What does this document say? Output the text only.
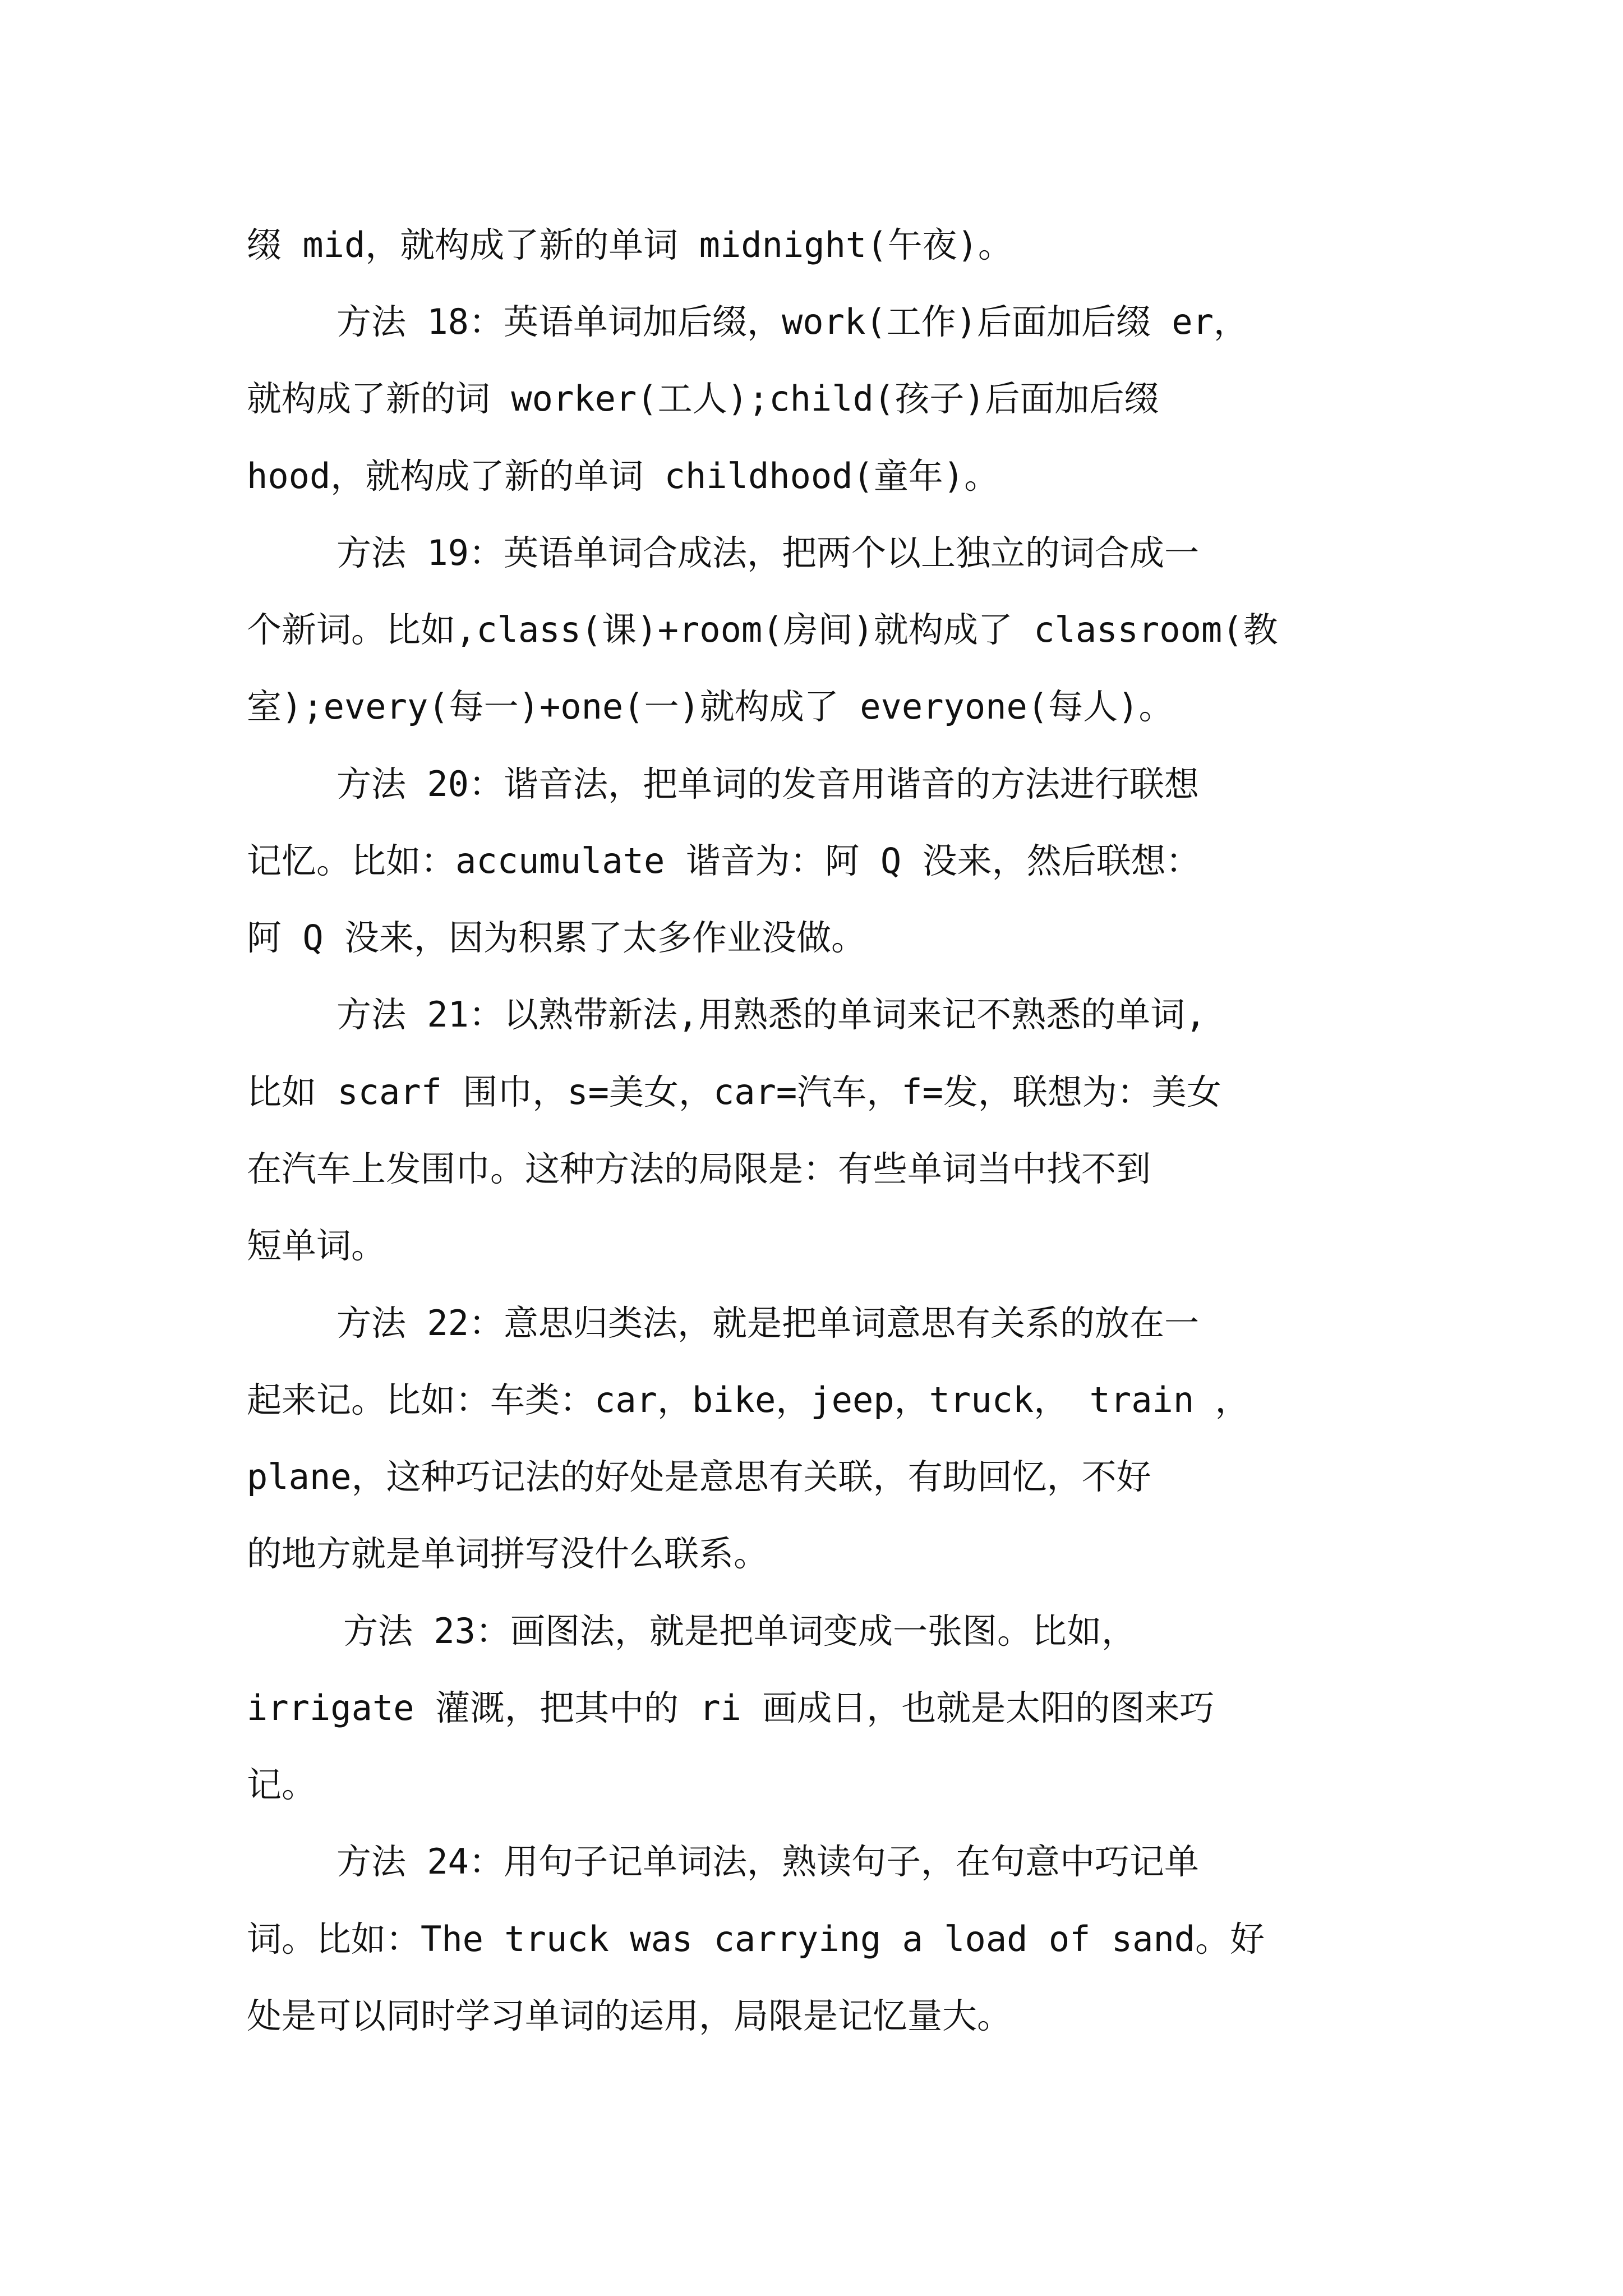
缀 mid，就构成了新的单词 midnight(午夜)。
方法 18：英语单词加后缀，work(工作)后面加后缀 er，
就构成了新的词 worker(工人);child(孩子)后面加后缀
hood，就构成了新的单词 childhood(童年)。
方法 19：英语单词合成法，把两个以上独立的词合成一
个新词。比如,class(课)+room(房间)就构成了 classroom(教
室);every(每一)+one(一)就构成了 everyone(每人)。
方法 20：谐音法，把单词的发音用谐音的方法进行联想
记忆。比如：accumulate 谐音为：阿 Q 没来，然后联想：
阿 Q 没来，因为积累了太多作业没做。
方法 21：以熟带新法,用熟悉的单词来记不熟悉的单词,
比如 scarf 围巾，s=美女，car=汽车，f=发，联想为：美女
在汽车上发围巾。这种方法的局限是：有些单词当中找不到
短单词。
方法 22：意思归类法，就是把单词意思有关系的放在一
起来记。比如：车类：car，bike，jeep，truck， train ，
plane，这种巧记法的好处是意思有关联，有助回忆，不好
的地方就是单词拼写没什么联系。
方法 23：画图法，就是把单词变成一张图。比如，
irrigate 灌溉，把其中的 ri 画成日，也就是太阳的图来巧
记。
方法 24：用句子记单词法，熟读句子，在句意中巧记单
词。比如：The truck was carrying a load of sand。好
处是可以同时学习单词的运用，局限是记忆量大。
